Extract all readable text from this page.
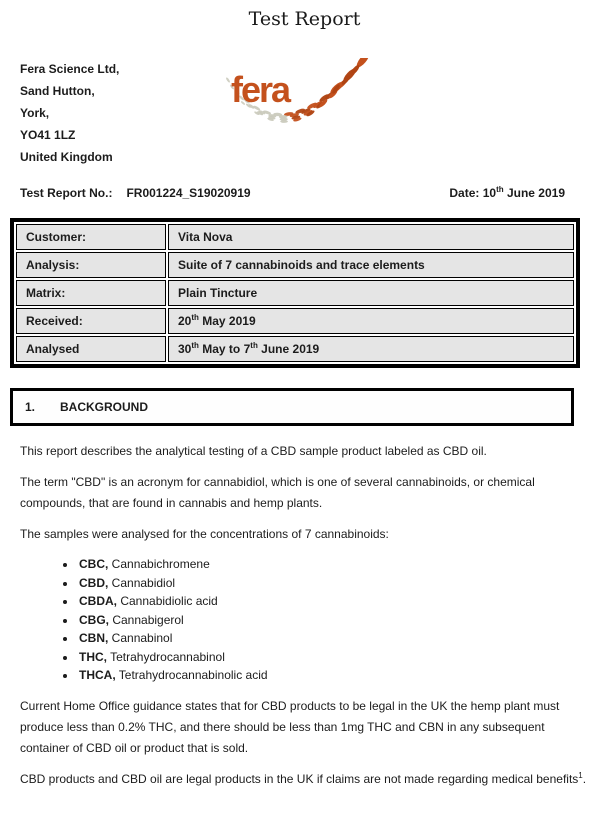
Test Report
Fera Science Ltd,
Sand Hutton,
York,
YO41 1LZ
United Kingdom
fera
Test Report No.: FR001224_S19020919	Date: 10th June 2019
Customer:	Vita Nova
Analysis:	Suite of 7 cannabinoids and trace elements
Matrix:	Plain Tincture
Received:	20th May 2019
Analysed	30th May to 7th June 2019
1. BACKGROUND

This report describes the analytical testing of a CBD sample product labeled as CBD oil.

The term "CBD" is an acronym for cannabidiol, which is one of several cannabinoids, or chemical compounds, that are found in cannabis and hemp plants.

The samples were analysed for the concentrations of 7 cannabinoids:

• CBC, Cannabichromene
• CBD, Cannabidiol
• CBDA, Cannabidiolic acid
• CBG, Cannabigerol
• CBN, Cannabinol
• THC, Tetrahydrocannabinol
• THCA, Tetrahydrocannabinolic acid

Current Home Office guidance states that for CBD products to be legal in the UK the hemp plant must produce less than 0.2% THC, and there should be less than 1mg THC and CBN in any subsequent container of CBD oil or product that is sold.

CBD products and CBD oil are legal products in the UK if claims are not made regarding medical benefits$^1$.
